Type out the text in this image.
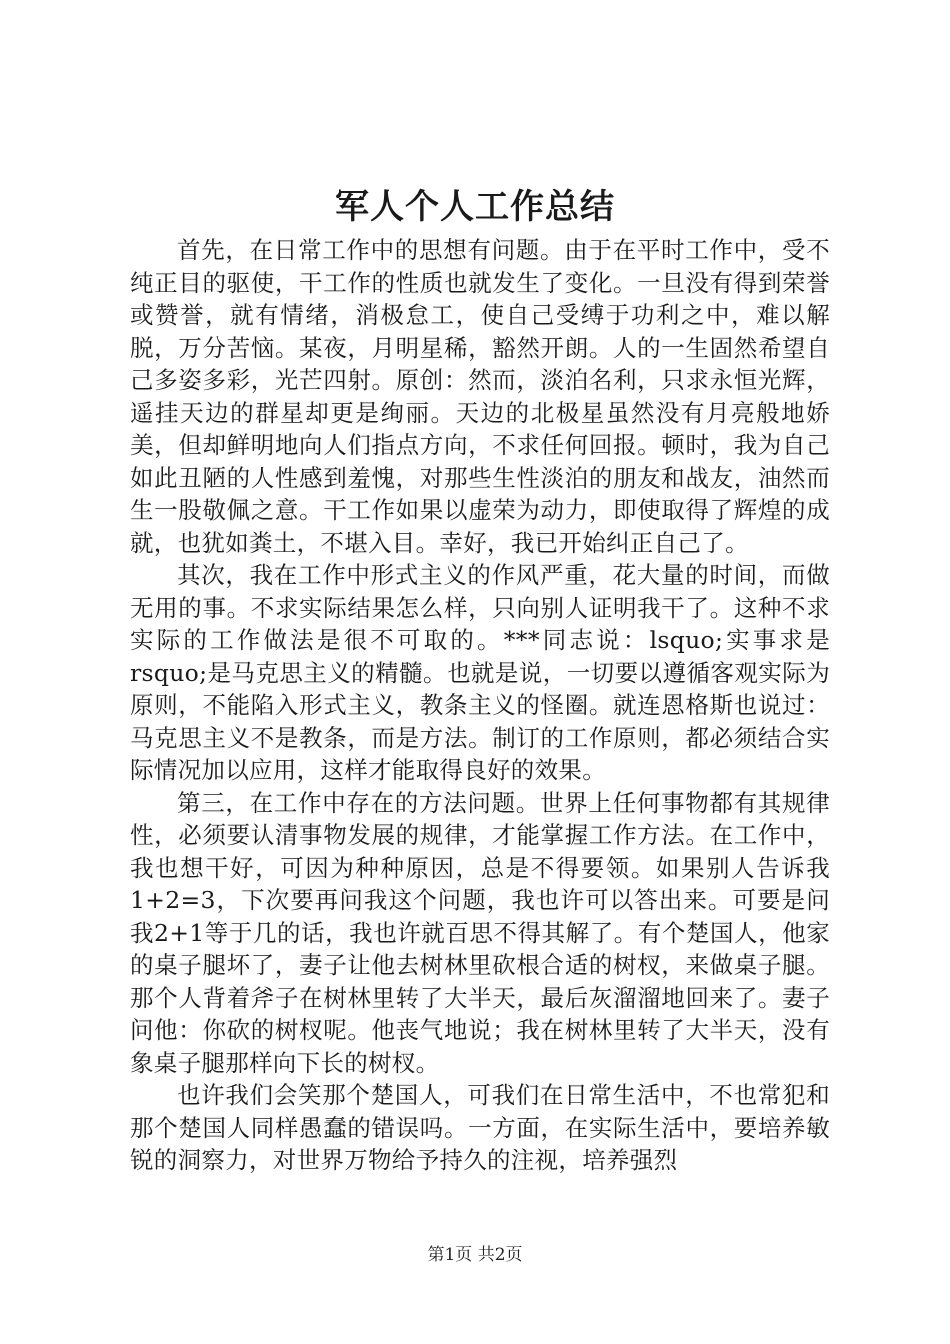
军人个人工作总结

首先，在日常工作中的思想有问题。由于在平时工作中，受不纯正目的驱使，干工作的性质也就发生了变化。一旦没有得到荣誉或赞誉，就有情绪，消极怠工，使自己受缚于功利之中，难以解脱，万分苦恼。某夜，月明星稀，豁然开朗。人的一生固然希望自己多姿多彩，光芒四射。原创：然而，淡泊名利，只求永恒光辉，遥挂天边的群星却更是绚丽。天边的北极星虽然没有月亮般地娇美，但却鲜明地向人们指点方向，不求任何回报。顿时，我为自己如此丑陋的人性感到羞愧，对那些生性淡泊的朋友和战友，油然而生一股敬佩之意。干工作如果以虚荣为动力，即使取得了辉煌的成就，也犹如粪土，不堪入目。幸好，我已开始纠正自己了。

其次，我在工作中形式主义的作风严重，花大量的时间，而做无用的事。不求实际结果怎么样，只向别人证明我干了。这种不求实际的工作做法是很不可取的。***同志说：lsquo;实事求是rsquo;是马克思主义的精髓。也就是说，一切要以遵循客观实际为原则，不能陷入形式主义，教条主义的怪圈。就连恩格斯也说过：马克思主义不是教条，而是方法。制订的工作原则，都必须结合实际情况加以应用，这样才能取得良好的效果。

第三，在工作中存在的方法问题。世界上任何事物都有其规律性，必须要认清事物发展的规律，才能掌握工作方法。在工作中，我也想干好，可因为种种原因，总是不得要领。如果别人告诉我1+2=3，下次要再问我这个问题，我也许可以答出来。可要是问我2+1等于几的话，我也许就百思不得其解了。有个楚国人，他家的桌子腿坏了，妻子让他去树林里砍根合适的树杈，来做桌子腿。那个人背着斧子在树林里转了大半天，最后灰溜溜地回来了。妻子问他：你砍的树杈呢。他丧气地说；我在树林里转了大半天，没有象桌子腿那样向下长的树杈。

也许我们会笑那个楚国人，可我们在日常生活中，不也常犯和那个楚国人同样愚蠢的错误吗。一方面，在实际生活中，要培养敏锐的洞察力，对世界万物给予持久的注视，培养强烈

第1页 共2页
